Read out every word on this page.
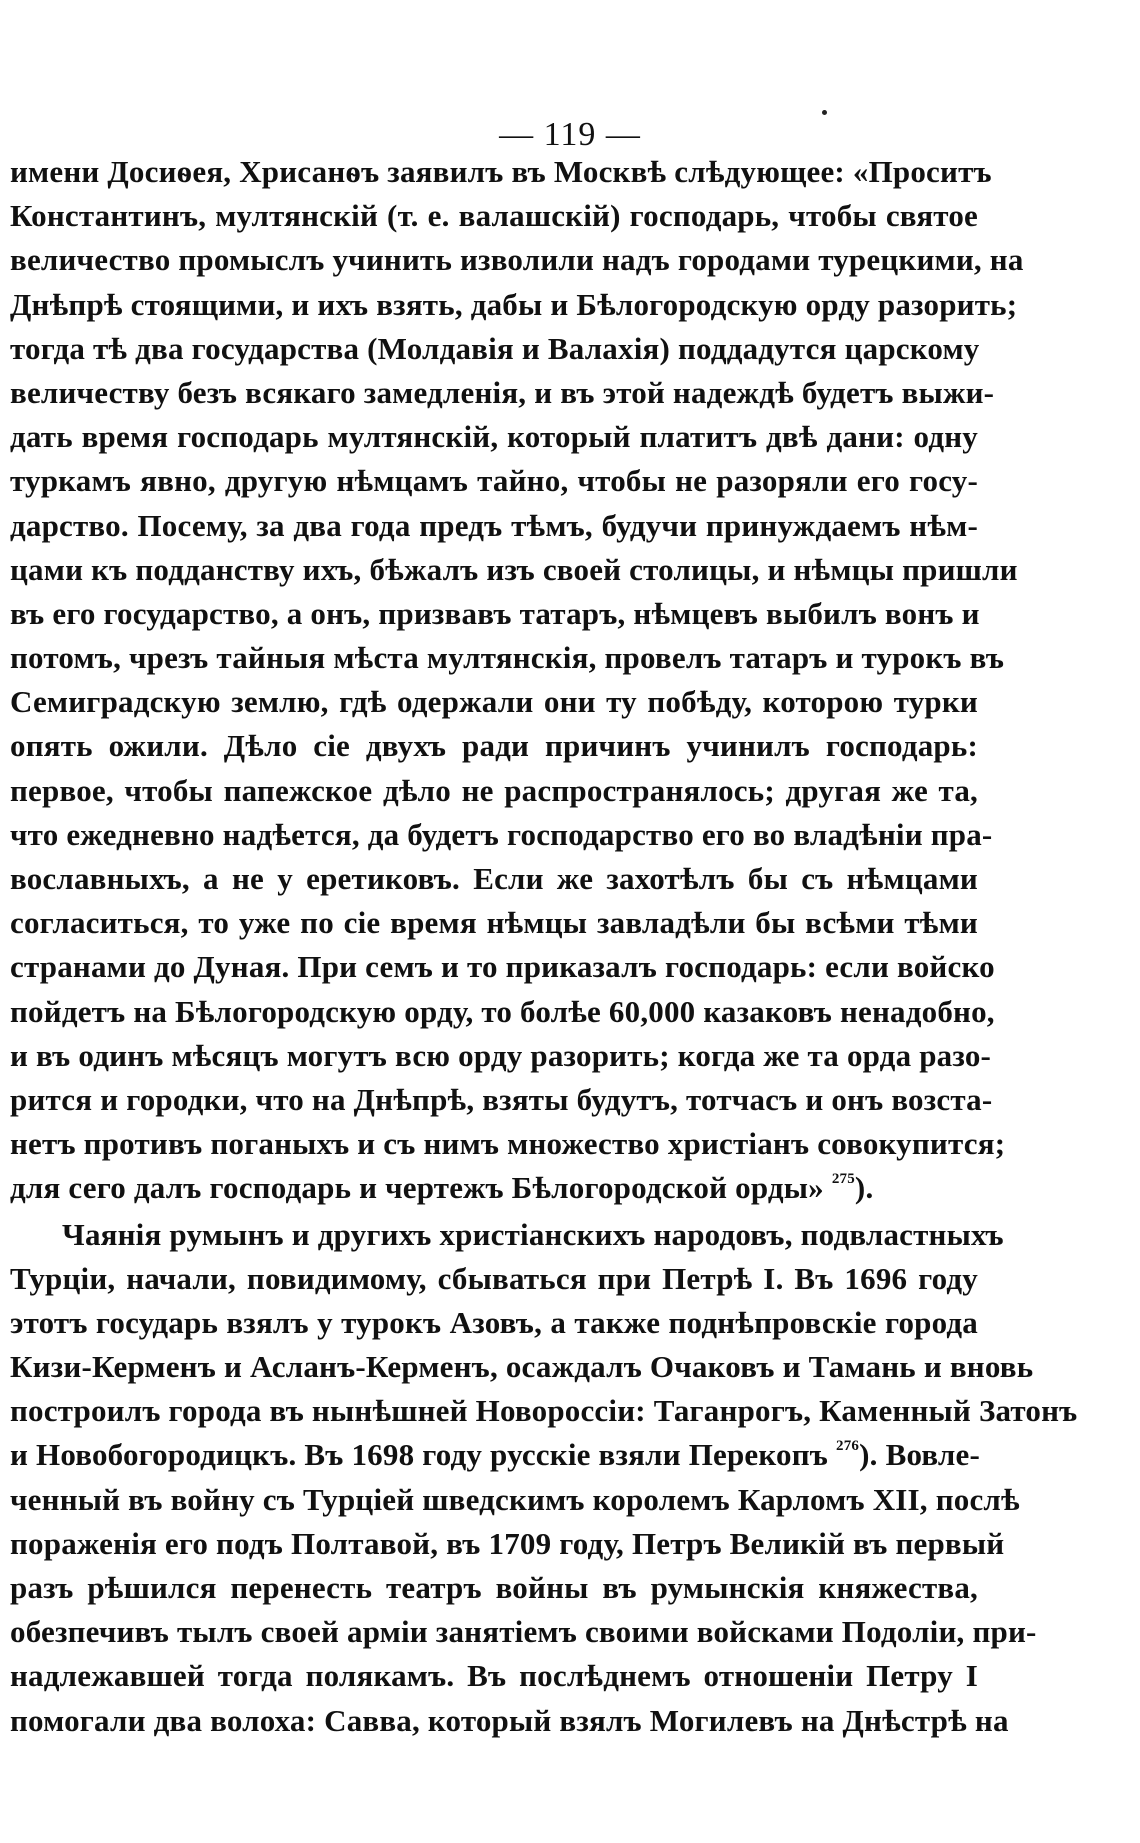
— 119 —
имени Досиѳея, Хрисанѳъ заявилъ въ Москвѣ слѣдующее: «Проситъ
Константинъ, мултянскій (т. е. валашскій) господарь, чтобы святое
величество промыслъ учинить изволили надъ городами турецкими, на
Днѣпрѣ стоящими, и ихъ взять, дабы и Бѣлогородскую орду разорить;
тогда тѣ два государства (Молдавія и Валахія) поддадутся царскому
величеству безъ всякаго замедленія, и въ этой надеждѣ будетъ выжи-
дать время господарь мултянскій, который платитъ двѣ дани: одну
туркамъ явно, другую нѣмцамъ тайно, чтобы не разоряли его госу-
дарство. Посему, за два года предъ тѣмъ, будучи принуждаемъ нѣм-
цами къ подданству ихъ, бѣжалъ изъ своей столицы, и нѣмцы пришли
въ его государство, а онъ, призвавъ татаръ, нѣмцевъ выбилъ вонъ и
потомъ, чрезъ тайныя мѣста мултянскія, провелъ татаръ и турокъ въ
Семиградскую землю, гдѣ одержали они ту побѣду, которою турки
опять ожили. Дѣло сіе двухъ ради причинъ учинилъ господарь:
первое, чтобы папежское дѣло не распространялось; другая же та,
что ежедневно надѣется, да будетъ господарство его во владѣніи пра-
вославныхъ, а не у еретиковъ. Если же захотѣлъ бы съ нѣмцами
согласиться, то уже по сіе время нѣмцы завладѣли бы всѣми тѣми
странами до Дуная. При семъ и то приказалъ господарь: если войско
пойдетъ на Бѣлогородскую орду, то болѣе 60,000 казаковъ ненадобно,
и въ одинъ мѣсяцъ могутъ всю орду разорить; когда же та орда разо-
рится и городки, что на Днѣпрѣ, взяты будутъ, тотчасъ и онъ возста-
нетъ противъ поганыхъ и съ нимъ множество христіанъ совокупится;
для сего далъ господарь и чертежъ Бѣлогородской орды» $^{275}$).
Чаянія румынъ и другихъ христіанскихъ народовъ, подвластныхъ
Турціи, начали, повидимому, сбываться при Петрѣ I. Въ 1696 году
этотъ государь взялъ у турокъ Азовъ, а также поднѣпровскіе города
Кизи-Керменъ и Асланъ-Керменъ, осаждалъ Очаковъ и Тамань и вновь
построилъ города въ нынѣшней Новороссіи: Таганрогъ, Каменный Затонъ
и Новобогородицкъ. Въ 1698 году русскіе взяли Перекопъ $^{276}$). Вовле-
ченный въ войну съ Турціей шведскимъ королемъ Карломъ XII, послѣ
пораженія его подъ Полтавой, въ 1709 году, Петръ Великій въ первый
разъ рѣшился перенесть театръ войны въ румынскія княжества,
обезпечивъ тылъ своей арміи занятіемъ своими войсками Подоліи, при-
надлежавшей тогда полякамъ. Въ послѣднемъ отношеніи Петру I
помогали два волоха: Савва, который взялъ Могилевъ на Днѣстрѣ на
